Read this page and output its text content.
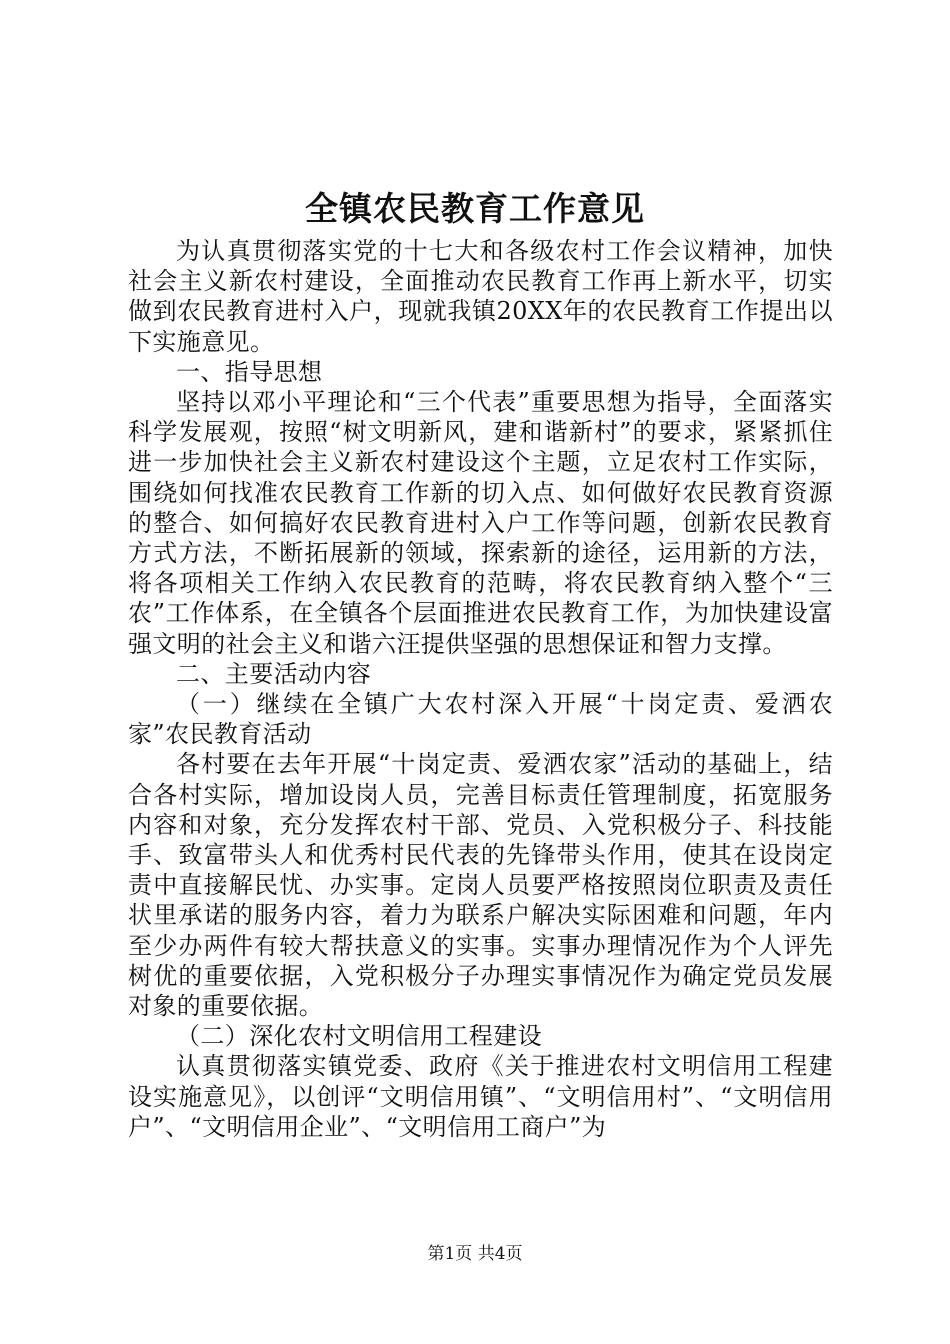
全镇农民教育工作意见

为认真贯彻落实党的十七大和各级农村工作会议精神，加快社会主义新农村建设，全面推动农民教育工作再上新水平，切实做到农民教育进村入户，现就我镇20XX年的农民教育工作提出以下实施意见。

一、指导思想

坚持以邓小平理论和“三个代表”重要思想为指导，全面落实科学发展观，按照“树文明新风，建和谐新村”的要求，紧紧抓住进一步加快社会主义新农村建设这个主题，立足农村工作实际，围绕如何找准农民教育工作新的切入点、如何做好农民教育资源的整合、如何搞好农民教育进村入户工作等问题，创新农民教育方式方法，不断拓展新的领域，探索新的途径，运用新的方法，将各项相关工作纳入农民教育的范畴，将农民教育纳入整个“三农”工作体系，在全镇各个层面推进农民教育工作，为加快建设富强文明的社会主义和谐六汪提供坚强的思想保证和智力支撑。

二、主要活动内容

（一）继续在全镇广大农村深入开展“十岗定责、爱洒农家”农民教育活动

各村要在去年开展“十岗定责、爱洒农家”活动的基础上，结合各村实际，增加设岗人员，完善目标责任管理制度，拓宽服务内容和对象，充分发挥农村干部、党员、入党积极分子、科技能手、致富带头人和优秀村民代表的先锋带头作用，使其在设岗定责中直接解民忧、办实事。定岗人员要严格按照岗位职责及责任状里承诺的服务内容，着力为联系户解决实际困难和问题，年内至少办两件有较大帮扶意义的实事。实事办理情况作为个人评先树优的重要依据，入党积极分子办理实事情况作为确定党员发展对象的重要依据。

（二）深化农村文明信用工程建设

认真贯彻落实镇党委、政府《关于推进农村文明信用工程建设实施意见》，以创评“文明信用镇”、“文明信用村”、“文明信用户”、“文明信用企业”、“文明信用工商户”为

第1页 共4页
